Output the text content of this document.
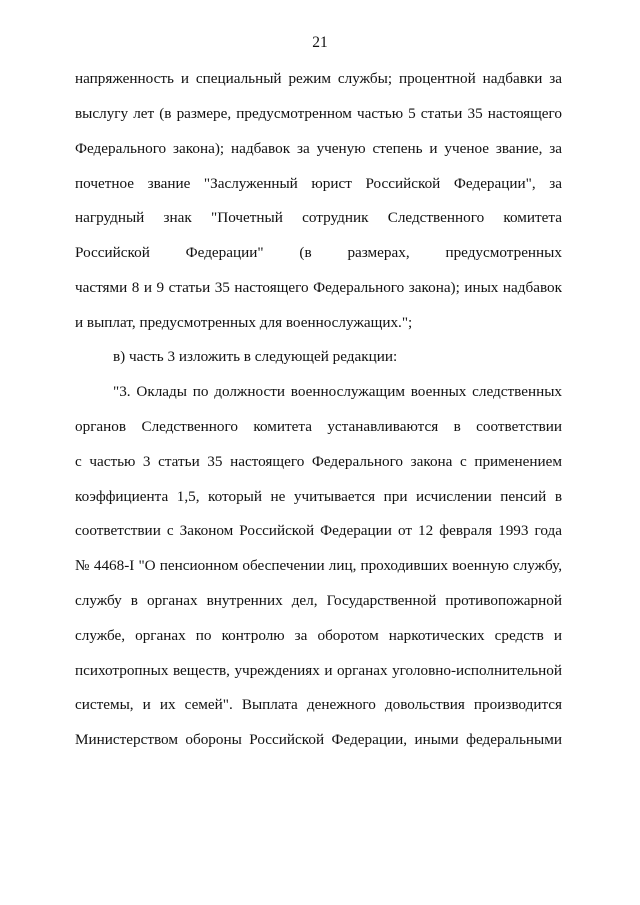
21
напряженность и специальный режим службы; процентной надбавки за
выслугу лет (в размере, предусмотренном частью 5 статьи 35 настоящего
Федерального закона); надбавок за ученую степень и ученое звание, за
почетное звание "Заслуженный юрист Российской Федерации", за
нагрудный знак "Почетный сотрудник Следственного комитета
Российской Федерации" (в размерах, предусмотренных
частями 8 и 9 статьи 35 настоящего Федерального закона); иных надбавок
и выплат, предусмотренных для военнослужащих.";
в) часть 3 изложить в следующей редакции:
"3. Оклады по должности военнослужащим военных следственных
органов Следственного комитета устанавливаются в соответствии
с частью 3 статьи 35 настоящего Федерального закона с применением
коэффициента 1,5, который не учитывается при исчислении пенсий в
соответствии с Законом Российской Федерации от 12 февраля 1993 года
№ 4468-I "О пенсионном обеспечении лиц, проходивших военную службу,
службу в органах внутренних дел, Государственной противопожарной
службе, органах по контролю за оборотом наркотических средств и
психотропных веществ, учреждениях и органах уголовно-исполнительной
системы, и их семей". Выплата денежного довольствия производится
Министерством обороны Российской Федерации, иными федеральными
